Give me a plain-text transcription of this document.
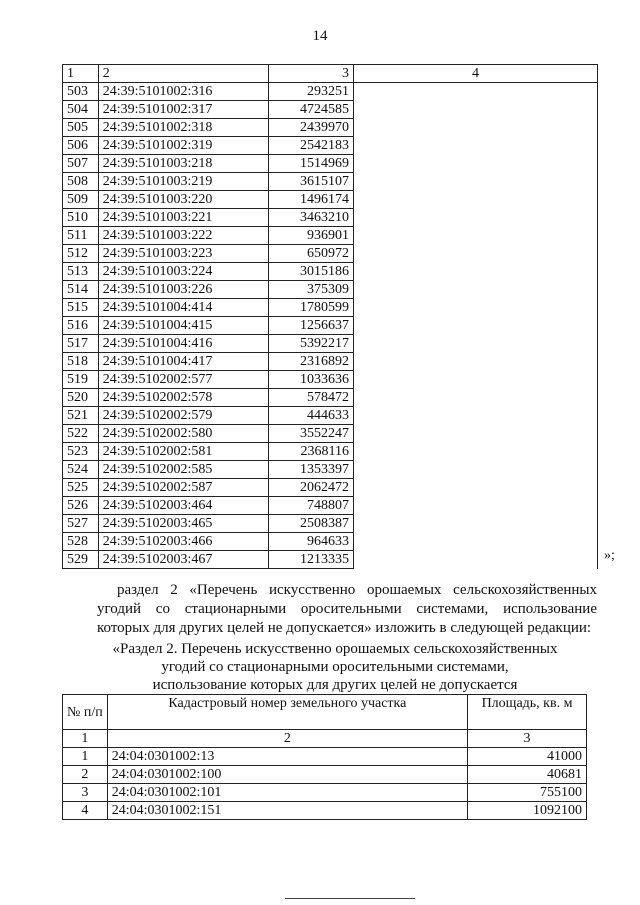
14
1	2	3	4
503	24:39:5101002:316	293251	
504	24:39:5101002:317	4724585	
505	24:39:5101002:318	2439970	
506	24:39:5101002:319	2542183	
507	24:39:5101003:218	1514969	
508	24:39:5101003:219	3615107	
509	24:39:5101003:220	1496174	
510	24:39:5101003:221	3463210	
511	24:39:5101003:222	936901	
512	24:39:5101003:223	650972	
513	24:39:5101003:224	3015186	
514	24:39:5101003:226	375309	
515	24:39:5101004:414	1780599	
516	24:39:5101004:415	1256637	
517	24:39:5101004:416	5392217	
518	24:39:5101004:417	2316892	
519	24:39:5102002:577	1033636	
520	24:39:5102002:578	578472	
521	24:39:5102002:579	444633	
522	24:39:5102002:580	3552247	
523	24:39:5102002:581	2368116	
524	24:39:5102002:585	1353397	
525	24:39:5102002:587	2062472	
526	24:39:5102003:464	748807	
527	24:39:5102003:465	2508387	
528	24:39:5102003:466	964633	
529	24:39:5102003:467	1213335		»;
раздел 2 «Перечень искусственно орошаемых сельскохозяйственных угодий со стационарными оросительными системами, использование которых для других целей не допускается» изложить в следующей редакции:
«Раздел 2. Перечень искусственно орошаемых сельскохозяйственных
угодий со стационарными оросительными системами,
использование которых для других целей не допускается
№ п/п	Кадастровый номер земельного участка	Площадь, кв. м
1	2	3
1	24:04:0301002:13	41000
2	24:04:0301002:100	40681
3	24:04:0301002:101	755100
4	24:04:0301002:151	1092100
